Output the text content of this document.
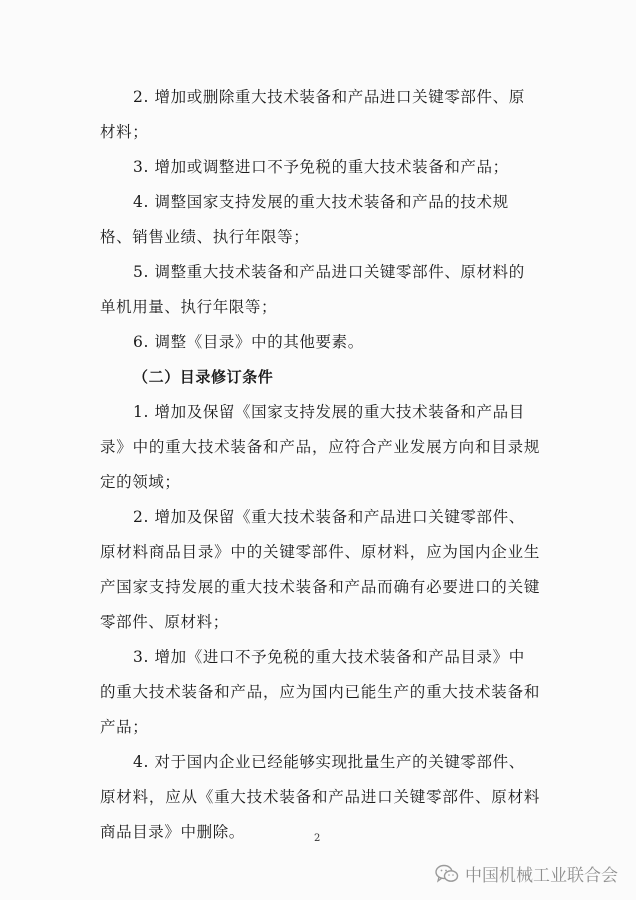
2. 增加或删除重大技术装备和产品进口关键零部件、原
材料；

3. 增加或调整进口不予免税的重大技术装备和产品；

4. 调整国家支持发展的重大技术装备和产品的技术规
格、销售业绩、执行年限等；

5. 调整重大技术装备和产品进口关键零部件、原材料的
单机用量、执行年限等；

6. 调整《目录》中的其他要素。

（二）目录修订条件

1. 增加及保留《国家支持发展的重大技术装备和产品目
录》中的重大技术装备和产品，应符合产业发展方向和目录规定的领域；

2. 增加及保留《重大技术装备和产品进口关键零部件、
原材料商品目录》中的关键零部件、原材料，应为国内企业生产国家支持发展的重大技术装备和产品而确有必要进口的关键零部件、原材料；

3. 增加《进口不予免税的重大技术装备和产品目录》中
的重大技术装备和产品，应为国内已能生产的重大技术装备和产品；

4. 对于国内企业已经能够实现批量生产的关键零部件、
原材料，应从《重大技术装备和产品进口关键零部件、原材料商品目录》中删除。	2
中国机械工业联合会
